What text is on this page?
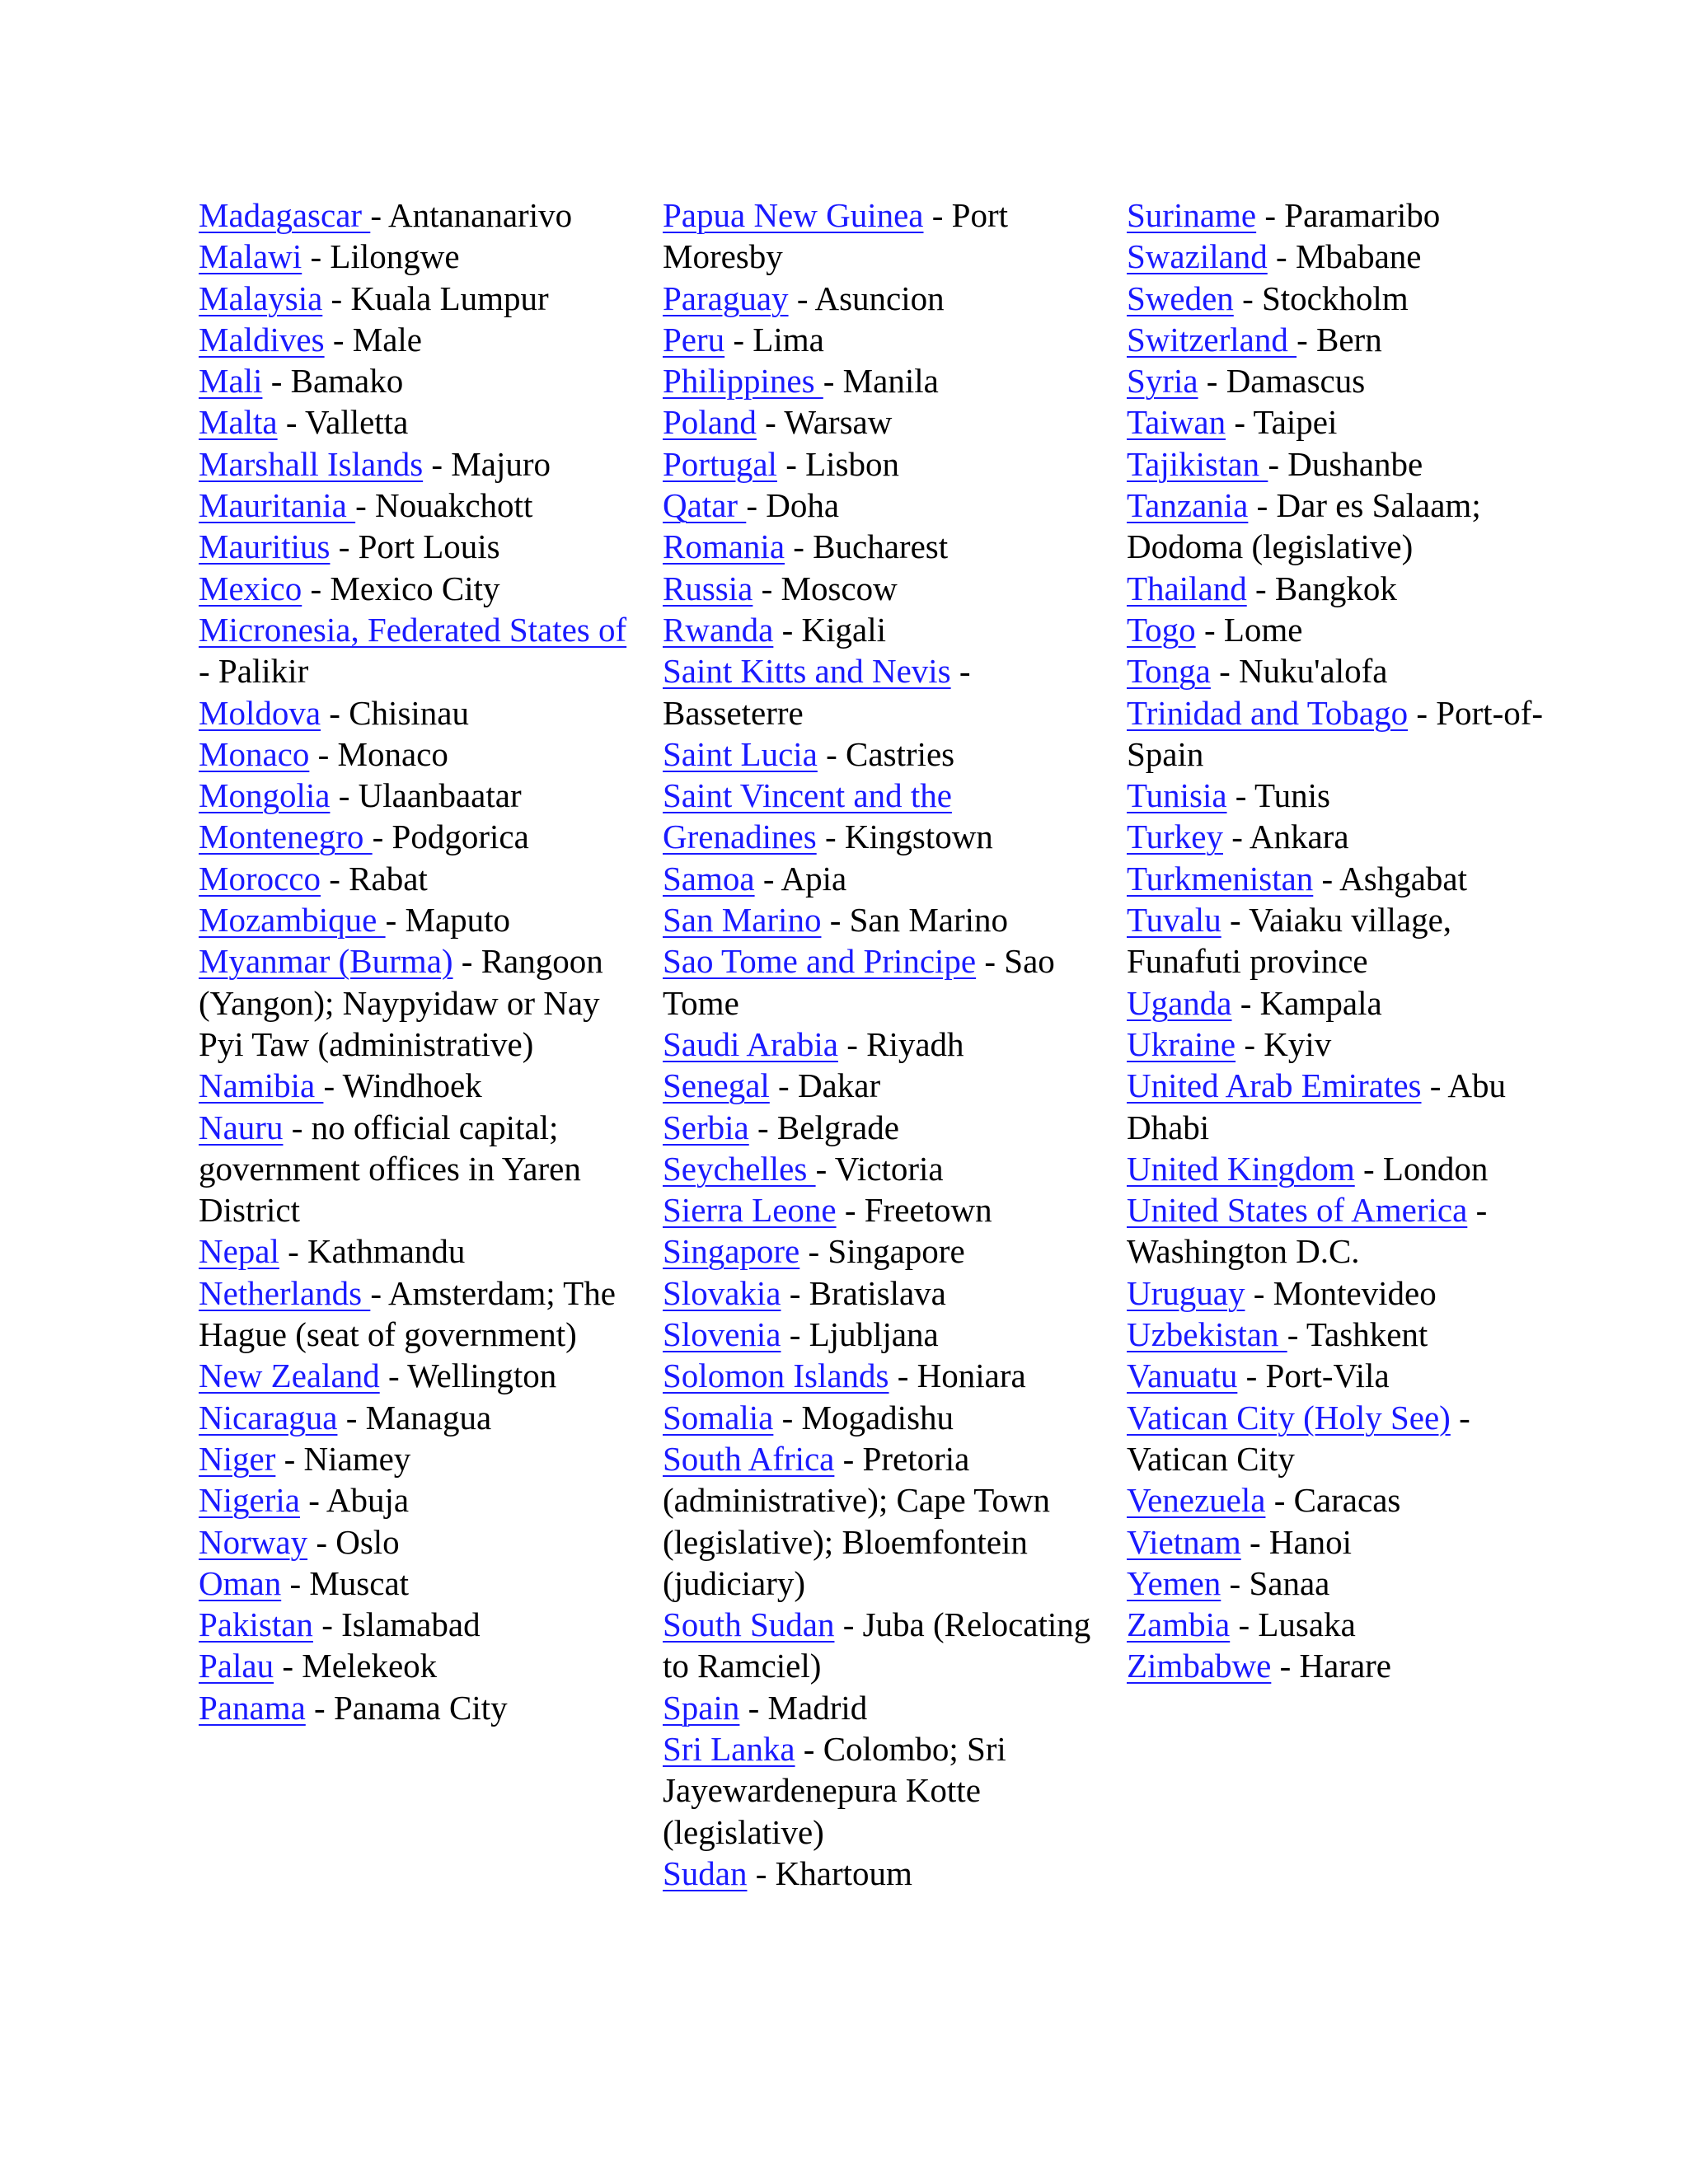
Madagascar - Antananarivo

Malawi - Lilongwe

Malaysia - Kuala Lumpur

Maldives - Male

Mali - Bamako

Malta - Valletta

Marshall Islands - Majuro

Mauritania - Nouakchott

Mauritius - Port Louis

Mexico - Mexico City

Micronesia, Federated States of - Palikir

Moldova - Chisinau

Monaco - Monaco

Mongolia - Ulaanbaatar

Montenegro - Podgorica

Morocco - Rabat

Mozambique - Maputo

Myanmar (Burma) - Rangoon (Yangon); Naypyidaw or Nay Pyi Taw (administrative)

Namibia - Windhoek

Nauru - no official capital; government offices in Yaren District

Nepal - Kathmandu

Netherlands - Amsterdam; The Hague (seat of government)

New Zealand - Wellington

Nicaragua - Managua

Niger - Niamey

Nigeria - Abuja

Norway - Oslo

Oman - Muscat

Pakistan - Islamabad

Palau - Melekeok

Panama - Panama City

Papua New Guinea - Port Moresby

Paraguay - Asuncion

Peru - Lima

Philippines - Manila

Poland - Warsaw

Portugal - Lisbon

Qatar - Doha

Romania - Bucharest

Russia - Moscow

Rwanda - Kigali

Saint Kitts and Nevis - Basseterre

Saint Lucia - Castries

Saint Vincent and the Grenadines - Kingstown

Samoa - Apia

San Marino - San Marino

Sao Tome and Principe - Sao Tome

Saudi Arabia - Riyadh

Senegal - Dakar

Serbia - Belgrade

Seychelles - Victoria

Sierra Leone - Freetown

Singapore - Singapore

Slovakia - Bratislava

Slovenia - Ljubljana

Solomon Islands - Honiara

Somalia - Mogadishu

South Africa - Pretoria (administrative); Cape Town (legislative); Bloemfontein (judiciary)

South Sudan - Juba (Relocating to Ramciel)

Spain - Madrid

Sri Lanka - Colombo; Sri Jayewardenepura Kotte (legislative)

Sudan - Khartoum

Suriname - Paramaribo

Swaziland - Mbabane

Sweden - Stockholm

Switzerland - Bern

Syria - Damascus

Taiwan - Taipei

Tajikistan - Dushanbe

Tanzania - Dar es Salaam; Dodoma (legislative)

Thailand - Bangkok

Togo - Lome

Tonga - Nuku'alofa

Trinidad and Tobago - Port-of-Spain

Tunisia - Tunis

Turkey - Ankara

Turkmenistan - Ashgabat

Tuvalu - Vaiaku village, Funafuti province

Uganda - Kampala

Ukraine - Kyiv

United Arab Emirates - Abu Dhabi

United Kingdom - London

United States of America - Washington D.C.

Uruguay - Montevideo

Uzbekistan - Tashkent

Vanuatu - Port-Vila

Vatican City (Holy See) - Vatican City

Venezuela - Caracas

Vietnam - Hanoi

Yemen - Sanaa

Zambia - Lusaka

Zimbabwe - Harare
